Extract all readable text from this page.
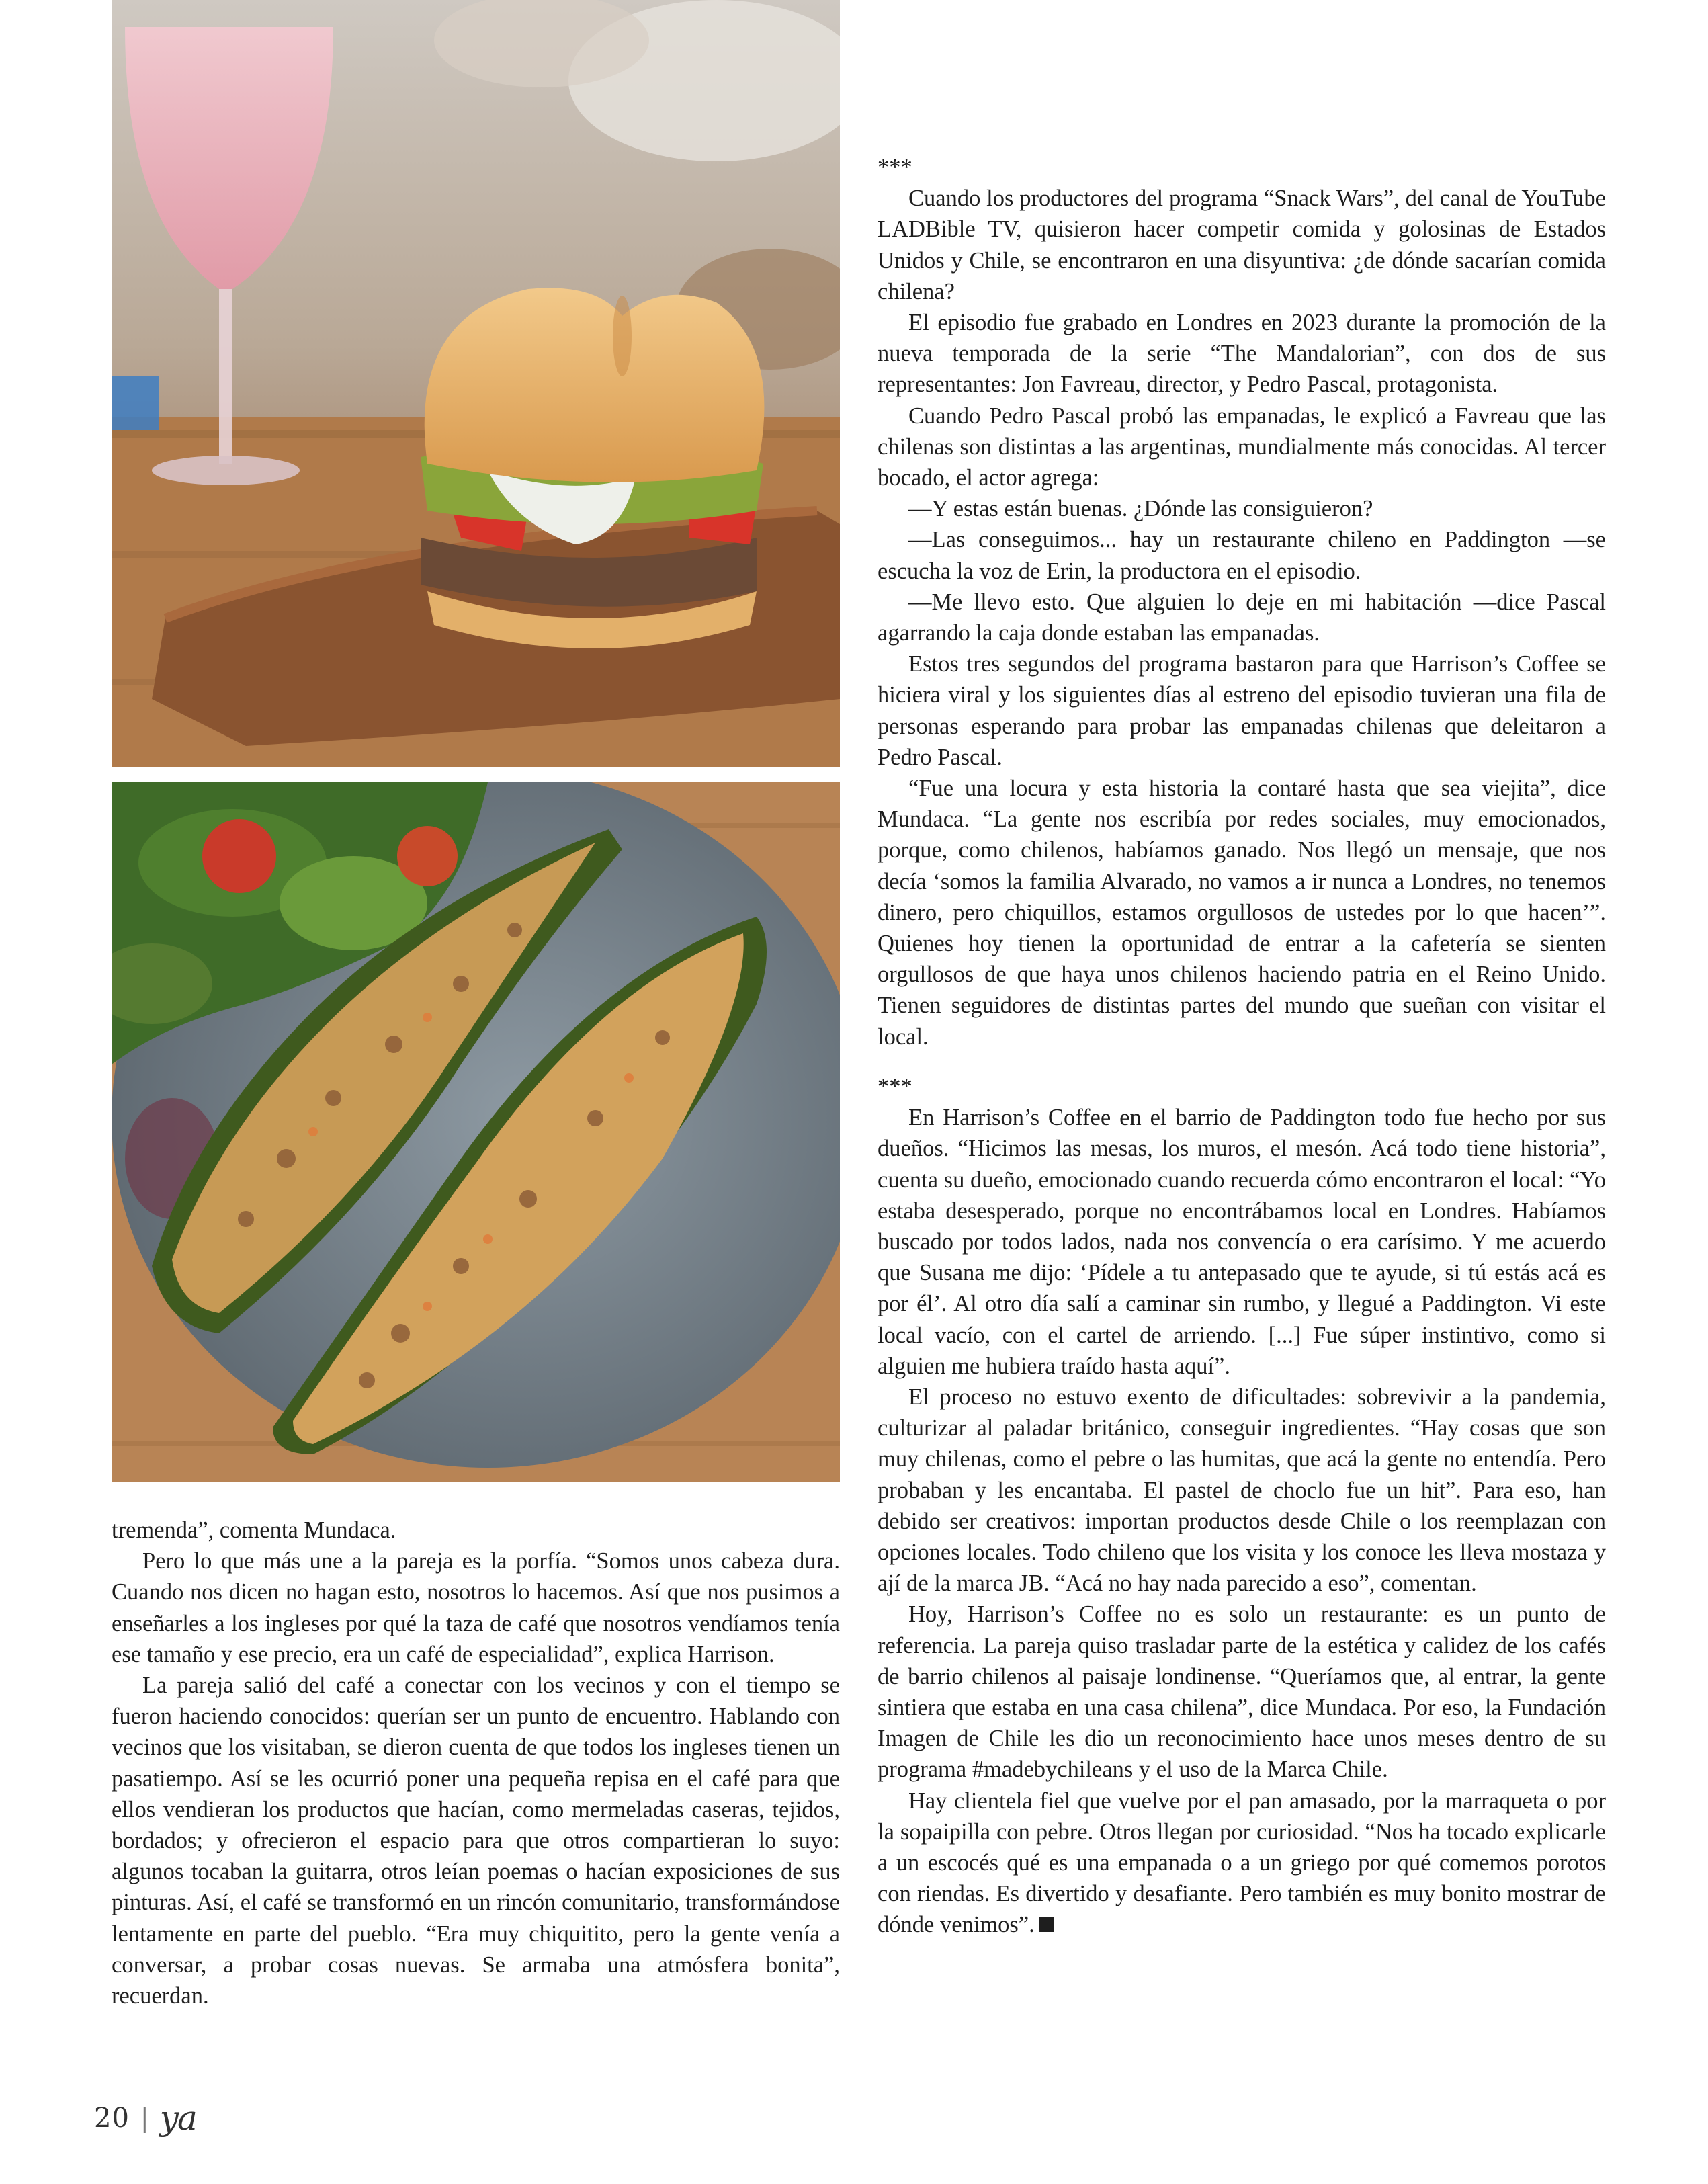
tremenda”, comenta Mundaca.

Pero lo que más une a la pareja es la porfía. “Somos unos cabeza dura. Cuando nos dicen no hagan esto, nosotros lo hacemos. Así que nos pusimos a enseñarles a los ingleses por qué la taza de café que nosotros vendíamos tenía ese tamaño y ese precio, era un café de especialidad”, explica Harrison.

La pareja salió del café a conectar con los vecinos y con el tiempo se fueron haciendo conocidos: querían ser un punto de encuentro. Hablando con vecinos que los visitaban, se dieron cuenta de que todos los ingleses tienen un pasatiempo. Así se les ocurrió poner una pequeña repisa en el café para que ellos vendieran los productos que hacían, como mermeladas caseras, tejidos, bordados; y ofrecieron el espacio para que otros compartieran lo suyo: algunos tocaban la guitarra, otros leían poemas o hacían exposiciones de sus pinturas. Así, el café se transformó en un rincón comunitario, transformándose lentamente en parte del pueblo. “Era muy chiquitito, pero la gente venía a conversar, a probar cosas nuevas. Se armaba una atmósfera bonita”, recuerdan.

***

Cuando los productores del programa “Snack Wars”, del canal de YouTube LADBible TV, quisieron hacer competir comida y golosinas de Estados Unidos y Chile, se encontraron en una disyuntiva: ¿de dónde sacarían comida chilena?

El episodio fue grabado en Londres en 2023 durante la promoción de la nueva temporada de la serie “The Mandalorian”, con dos de sus representantes: Jon Favreau, director, y Pedro Pascal, protagonista.

Cuando Pedro Pascal probó las empanadas, le explicó a Favreau que las chilenas son distintas a las argentinas, mundialmente más conocidas. Al tercer bocado, el actor agrega:

—Y estas están buenas. ¿Dónde las consiguieron?

—Las conseguimos... hay un restaurante chileno en Paddington —se escucha la voz de Erin, la productora en el episodio.

—Me llevo esto. Que alguien lo deje en mi habitación —dice Pascal agarrando la caja donde estaban las empanadas.

Estos tres segundos del programa bastaron para que Harrison’s Coffee se hiciera viral y los siguientes días al estreno del episodio tuvieran una fila de personas esperando para probar las empanadas chilenas que deleitaron a Pedro Pascal.

“Fue una locura y esta historia la contaré hasta que sea viejita”, dice Mundaca. “La gente nos escribía por redes sociales, muy emocionados, porque, como chilenos, habíamos ganado. Nos llegó un mensaje, que nos decía ‘somos la familia Alvarado, no vamos a ir nunca a Londres, no tenemos dinero, pero chiquillos, estamos orgullosos de ustedes por lo que hacen’”. Quienes hoy tienen la oportunidad de entrar a la cafetería se sienten orgullosos de que haya unos chilenos haciendo patria en el Reino Unido. Tienen seguidores de distintas partes del mundo que sueñan con visitar el local.

***

En Harrison’s Coffee en el barrio de Paddington todo fue hecho por sus dueños. “Hicimos las mesas, los muros, el mesón. Acá todo tiene historia”, cuenta su dueño, emocionado cuando recuerda cómo encontraron el local: “Yo estaba desesperado, porque no encontrábamos local en Londres. Habíamos buscado por todos lados, nada nos convencía o era carísimo. Y me acuerdo que Susana me dijo: ‘Pídele a tu antepasado que te ayude, si tú estás acá es por él’. Al otro día salí a caminar sin rumbo, y llegué a Paddington. Vi este local vacío, con el cartel de arriendo. [...] Fue súper instintivo, como si alguien me hubiera traído hasta aquí”.

El proceso no estuvo exento de dificultades: sobrevivir a la pandemia, culturizar al paladar británico, conseguir ingredientes. “Hay cosas que son muy chilenas, como el pebre o las humitas, que acá la gente no entendía. Pero probaban y les encantaba. El pastel de choclo fue un hit”. Para eso, han debido ser creativos: importan productos desde Chile o los reemplazan con opciones locales. Todo chileno que los visita y los conoce les lleva mostaza y ají de la marca JB. “Acá no hay nada parecido a eso”, comentan.

Hoy, Harrison’s Coffee no es solo un restaurante: es un punto de referencia. La pareja quiso trasladar parte de la estética y calidez de los cafés de barrio chilenos al paisaje londinense. “Queríamos que, al entrar, la gente sintiera que estaba en una casa chilena”, dice Mundaca. Por eso, la Fundación Imagen de Chile les dio un reconocimiento hace unos meses dentro de su programa #madebychileans y el uso de la Marca Chile.

Hay clientela fiel que vuelve por el pan amasado, por la marraqueta o por la sopaipilla con pebre. Otros llegan por curiosidad. “Nos ha tocado explicarle a un escocés qué es una empanada o a un griego por qué comemos porotos con riendas. Es divertido y desafiante. Pero también es muy bonito mostrar de dónde venimos”.

20 | ya
